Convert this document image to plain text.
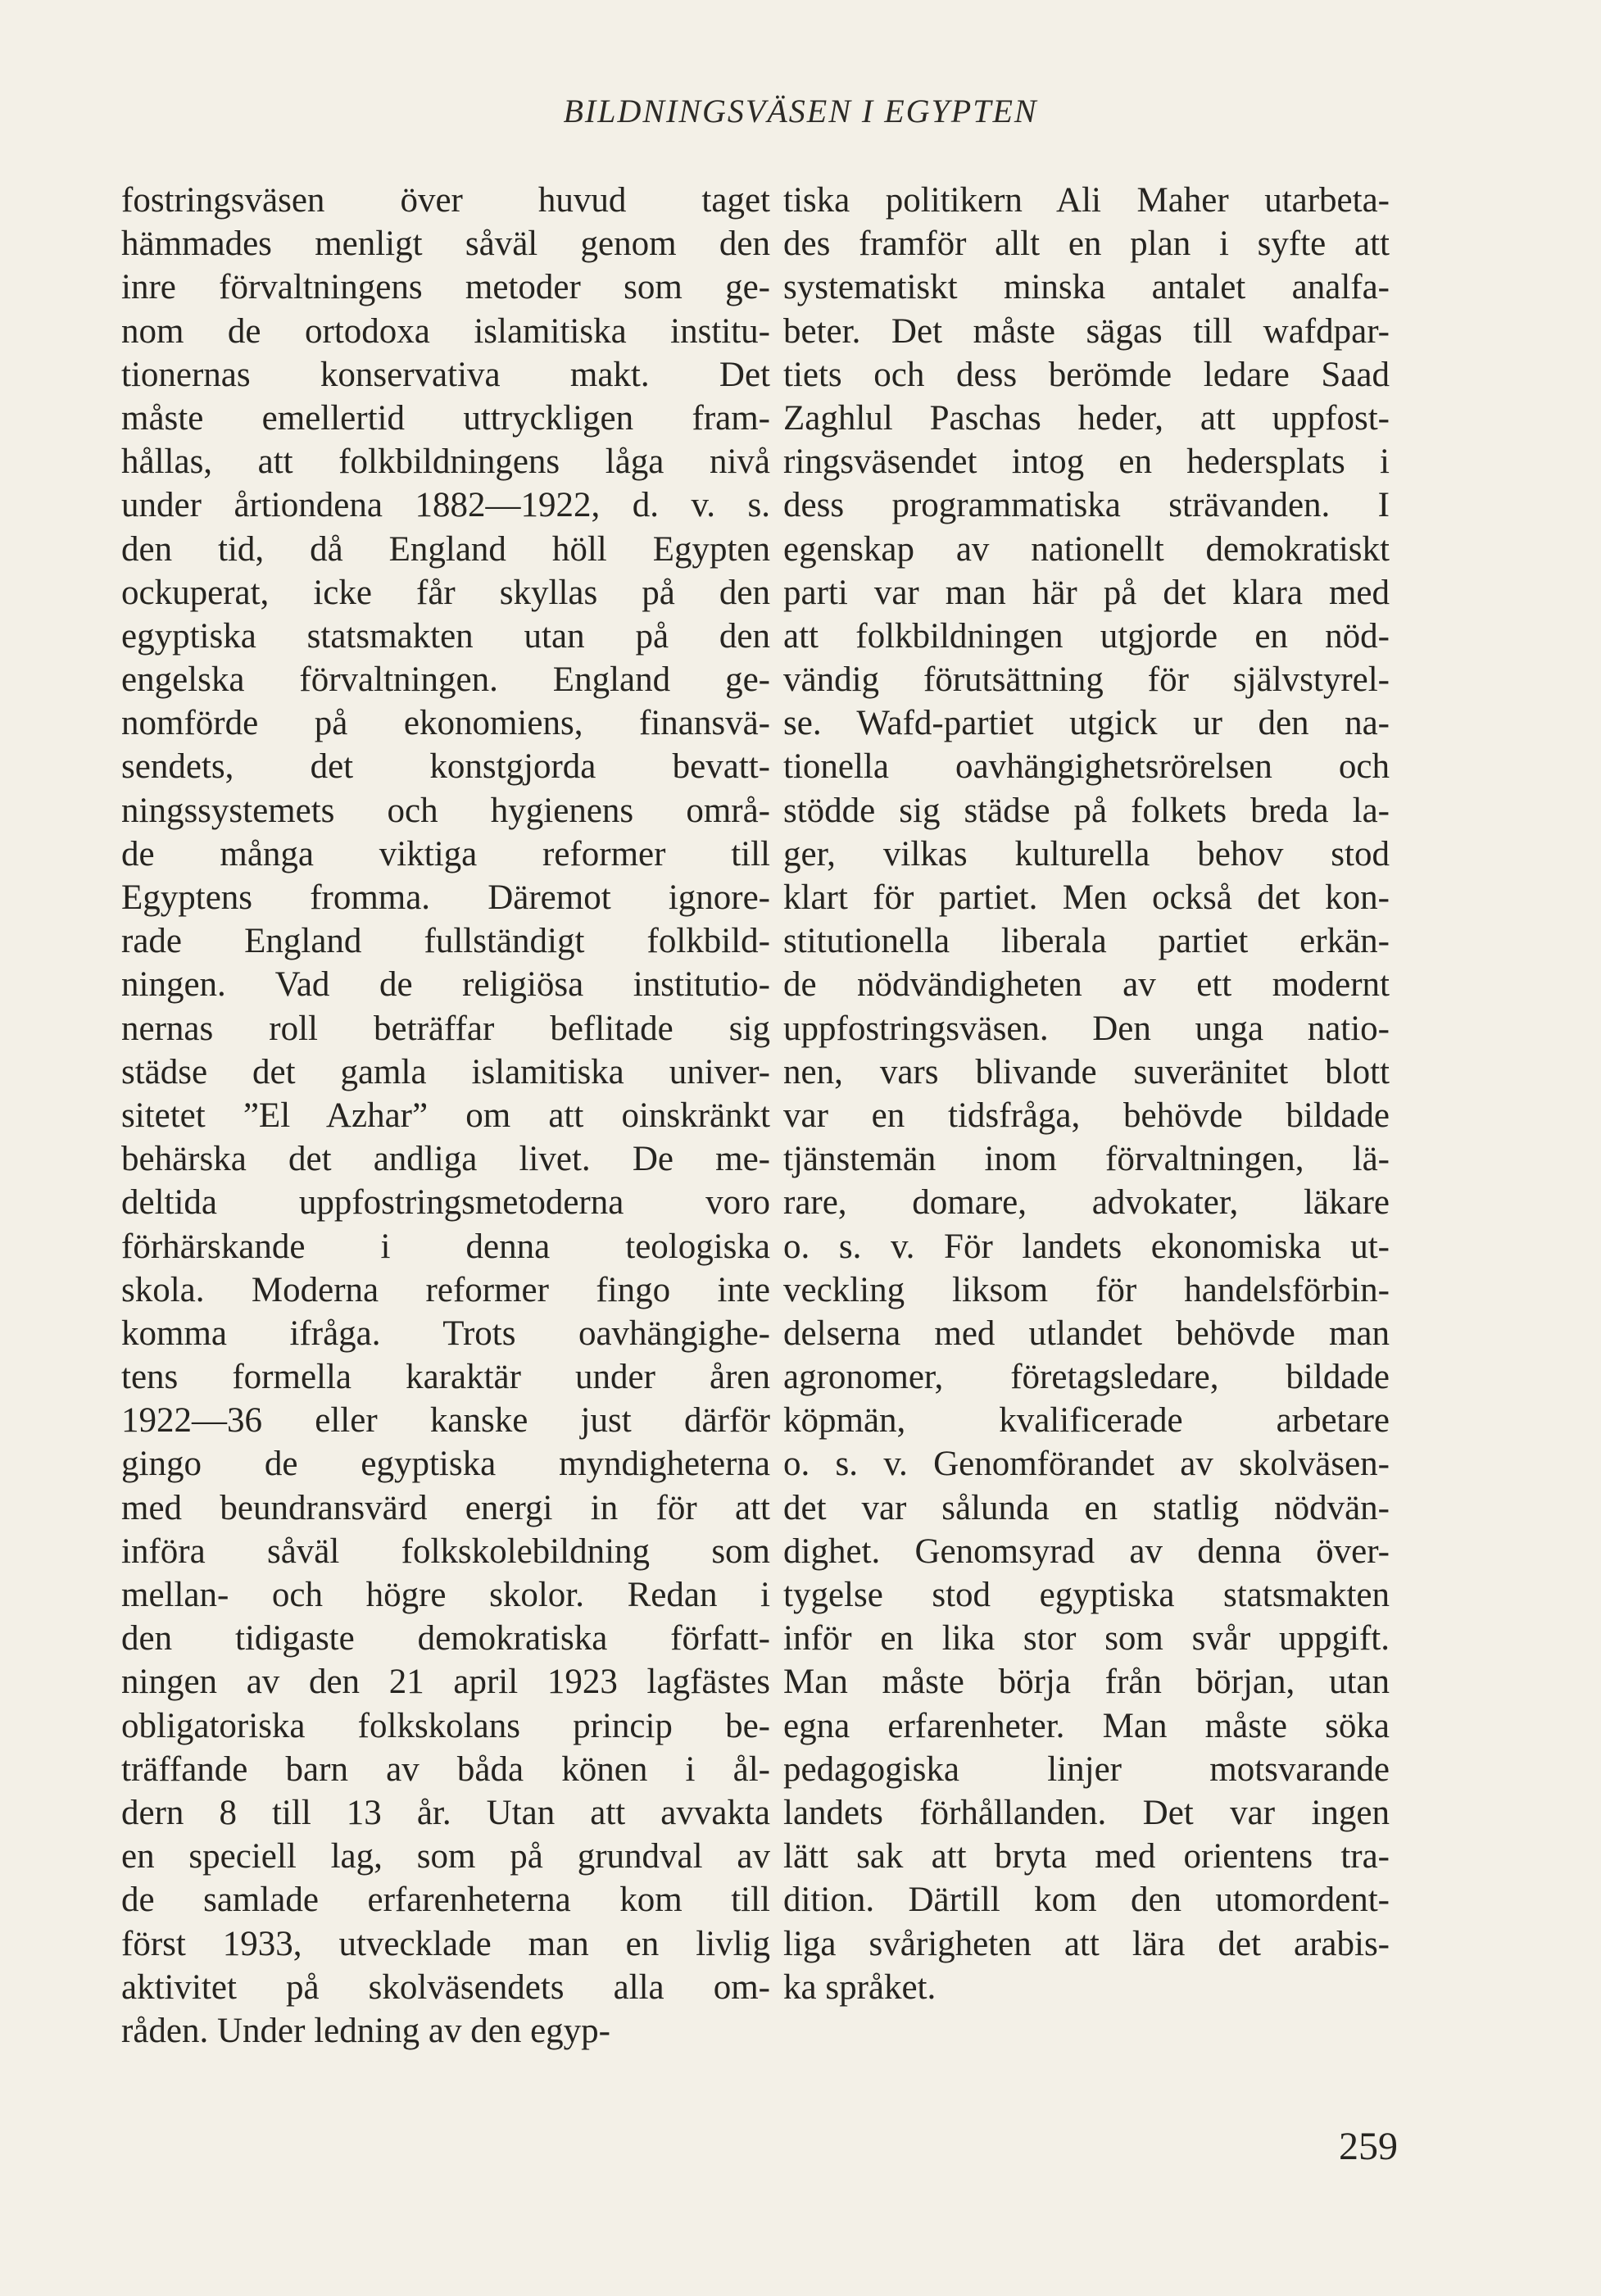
BILDNINGSVÄSEN I EGYPTEN
fostringsväsen över huvud taget
hämmades menligt såväl genom den
inre förvaltningens metoder som ge-
nom de ortodoxa islamitiska institu-
tionernas konservativa makt. Det
måste emellertid uttryckligen fram-
hållas, att folkbildningens låga nivå
under årtiondena 1882—1922, d. v. s.
den tid, då England höll Egypten
ockuperat, icke får skyllas på den
egyptiska statsmakten utan på den
engelska förvaltningen. England ge-
nomförde på ekonomiens, finansvä-
sendets, det konstgjorda bevatt-
ningssystemets och hygienens områ-
de många viktiga reformer till
Egyptens fromma. Däremot ignore-
rade England fullständigt folkbild-
ningen. Vad de religiösa institutio-
nernas roll beträffar beflitade sig
städse det gamla islamitiska univer-
sitetet ”El Azhar” om att oinskränkt
behärska det andliga livet. De me-
deltida uppfostringsmetoderna voro
förhärskande i denna teologiska
skola. Moderna reformer fingo inte
komma ifråga. Trots oavhängighe-
tens formella karaktär under åren
1922—36 eller kanske just därför
gingo de egyptiska myndigheterna
med beundransvärd energi in för att
införa såväl folkskolebildning som
mellan- och högre skolor. Redan i
den tidigaste demokratiska författ-
ningen av den 21 april 1923 lagfästes
obligatoriska folkskolans princip be-
träffande barn av båda könen i ål-
dern 8 till 13 år. Utan att avvakta
en speciell lag, som på grundval av
de samlade erfarenheterna kom till
först 1933, utvecklade man en livlig
aktivitet på skolväsendets alla om-
råden. Under ledning av den egyp-
tiska politikern Ali Maher utarbeta-
des framför allt en plan i syfte att
systematiskt minska antalet analfa-
beter. Det måste sägas till wafdpar-
tiets och dess berömde ledare Saad
Zaghlul Paschas heder, att uppfost-
ringsväsendet intog en hedersplats i
dess programmatiska strävanden. I
egenskap av nationellt demokratiskt
parti var man här på det klara med
att folkbildningen utgjorde en nöd-
vändig förutsättning för självstyrel-
se. Wafd-partiet utgick ur den na-
tionella oavhängighetsrörelsen och
stödde sig städse på folkets breda la-
ger, vilkas kulturella behov stod
klart för partiet. Men också det kon-
stitutionella liberala partiet erkän-
de nödvändigheten av ett modernt
uppfostringsväsen. Den unga natio-
nen, vars blivande suveränitet blott
var en tidsfråga, behövde bildade
tjänstemän inom förvaltningen, lä-
rare, domare, advokater, läkare
o. s. v. För landets ekonomiska ut-
veckling liksom för handelsförbin-
delserna med utlandet behövde man
agronomer, företagsledare, bildade
köpmän, kvalificerade arbetare
o. s. v. Genomförandet av skolväsen-
det var sålunda en statlig nödvän-
dighet. Genomsyrad av denna över-
tygelse stod egyptiska statsmakten
inför en lika stor som svår uppgift.
Man måste börja från början, utan
egna erfarenheter. Man måste söka
pedagogiska linjer motsvarande
landets förhållanden. Det var ingen
lätt sak att bryta med orientens tra-
dition. Därtill kom den utomordent-
liga svårigheten att lära det arabis-
ka språket.
259
